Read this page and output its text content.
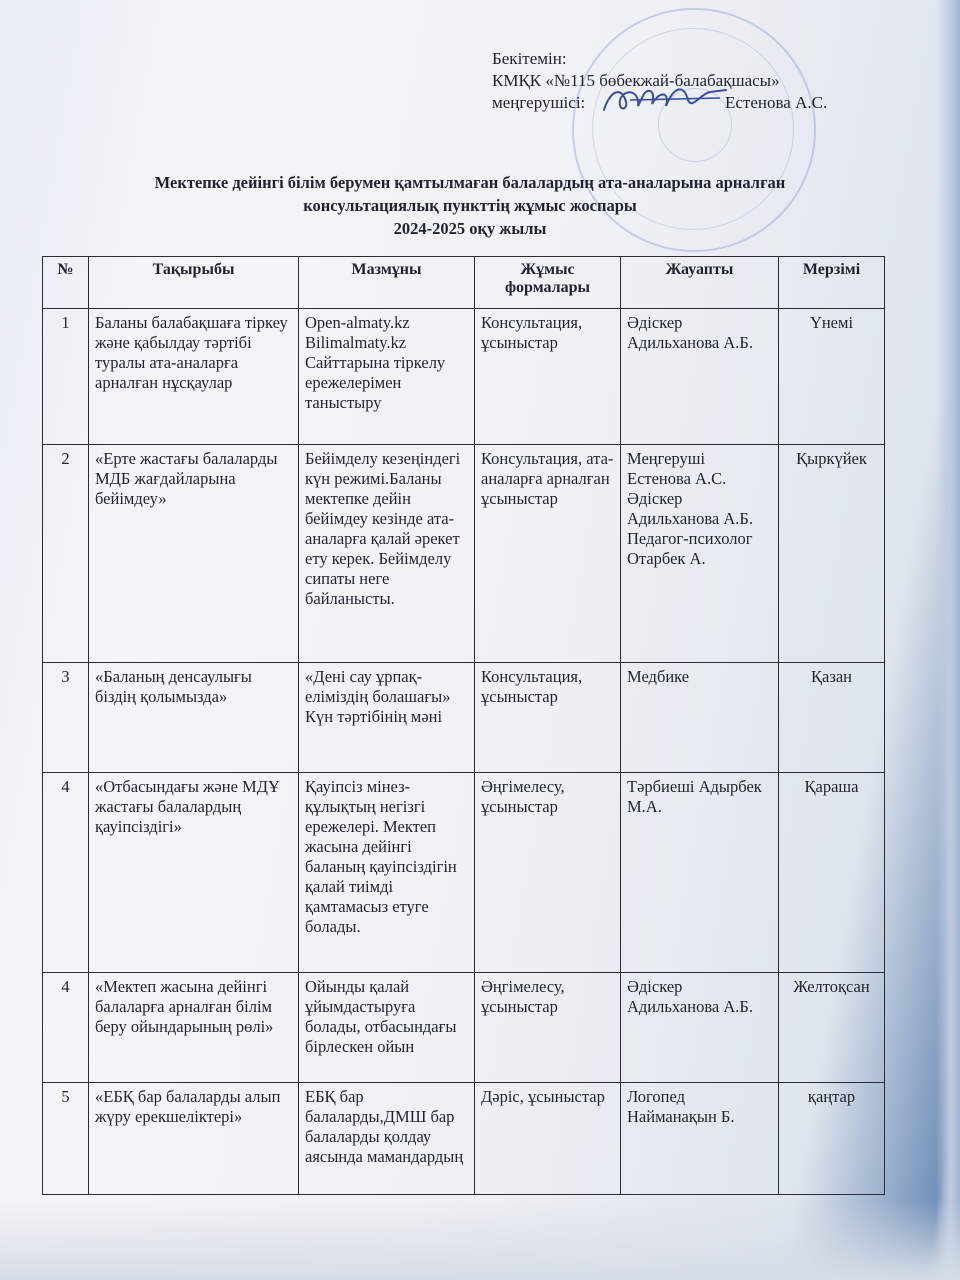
Бекітемін:
КМҚК «№115 бөбекжай-балабақшасы»
меңгерушісі:	Естенова А.С.
Мектепке дейінгі білім берумен қамтылмаған балалардың ата-аналарына арналған
консультациялық пункттің жұмыс жоспары
2024-2025 оқу жылы
№	Тақырыбы	Мазмұны	Жұмыс формалары	Жауапты	Мерзімі
1	Баланы балабақшаға тіркеу және қабылдау тәртібі туралы ата-аналарға арналған нұсқаулар	Open-almaty.kz Bilimalmaty.kz Сайттарына тіркелу ережелерімен таныстыру	Консультация, ұсыныстар	Әдіскер Адильханова А.Б.	Үнемі
2	«Ерте жастағы балаларды МДБ жағдайларына бейімдеу»	Бейімделу кезеңіндегі күн режимі.Баланы мектепке дейін бейімдеу кезінде ата-аналарға қалай әрекет ету керек. Бейімделу сипаты неге байланысты.	Консультация, ата-аналарға арналған ұсыныстар	Меңгеруші Естенова А.С. Әдіскер Адильханова А.Б. Педагог-психолог Отарбек А.	Қыркүйек
3	«Баланың денсаулығы біздің қолымызда»	«Дені сау ұрпақ-еліміздің болашағы» Күн тәртібінің мәні	Консультация, ұсыныстар	Медбике	Қазан
4	«Отбасындағы және МДҰ жастағы балалардың қауіпсіздігі»	Қауіпсіз мінез-құлықтың негізгі ережелері. Мектеп жасына дейінгі баланың қауіпсіздігін қалай тиімді қамтамасыз етуге болады.	Әңгімелесу, ұсыныстар	Тәрбиеші Адырбек М.А.	Қараша
4	«Мектеп жасына дейінгі балаларға арналған білім беру ойындарының рөлі»	Ойынды қалай ұйымдастыруға болады, отбасындағы бірлескен ойын	Әңгімелесу, ұсыныстар	Әдіскер Адильханова А.Б.	Желтоқсан
5	«ЕБҚ бар балаларды алып жүру ерекшеліктері»	ЕБҚ бар балаларды,ДМШ бар балаларды қолдау аясында мамандардың	Дәріс, ұсыныстар	Логопед Найманақын Б.	қаңтар
